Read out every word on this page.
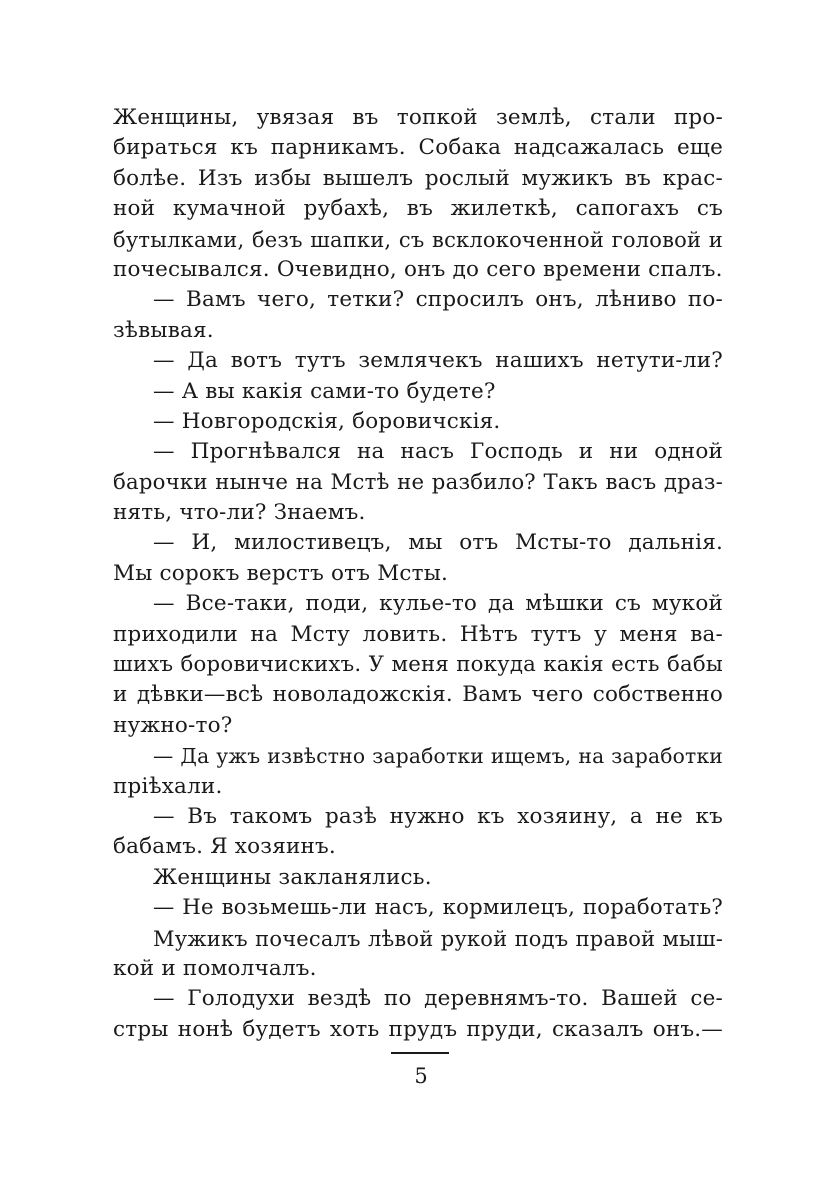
Женщины, увязая въ топкой землѣ, стали про-
бираться къ парникамъ. Собака надсажалась еще
болѣе. Изъ избы вышелъ рослый мужикъ въ крас-
ной кумачной рубахѣ, въ жилеткѣ, сапогахъ съ
бутылками, безъ шапки, съ всклокоченной головой и
почесывался. Очевидно, онъ до сего времени спалъ.
— Вамъ чего, тетки? спросилъ онъ, лѣниво по-
зѣвывая.
— Да вотъ тутъ землячекъ нашихъ нетути-ли?
— А вы какія сами-то будете?
— Новгородскія, боровичскія.
— Прогнѣвался на насъ Господь и ни одной
барочки нынче на Мстѣ не разбило? Такъ васъ драз-
нять, что-ли? Знаемъ.
— И, милостивецъ, мы отъ Мсты-то дальнія.
Мы сорокъ верстъ отъ Мсты.
— Все-таки, поди, кулье-то да мѣшки съ мукой
приходили на Мсту ловить. Нѣтъ тутъ у меня ва-
шихъ боровичискихъ. У меня покуда какія есть бабы
и дѣвки—всѣ новоладожскія. Вамъ чего собственно
нужно-то?
— Да ужъ извѣстно заработки ищемъ, на заработки
пріѣхали.
— Въ такомъ разѣ нужно къ хозяину, а не къ
бабамъ. Я хозяинъ.
Женщины закланялись.
— Не возьмешь-ли насъ, кормилецъ, поработать?
Мужикъ почесалъ лѣвой рукой подъ правой мыш-
кой и помолчалъ.
— Голодухи вездѣ по деревнямъ-то. Вашей се-
стры нонѣ будетъ хоть прудъ пруди, сказалъ онъ.—
5
